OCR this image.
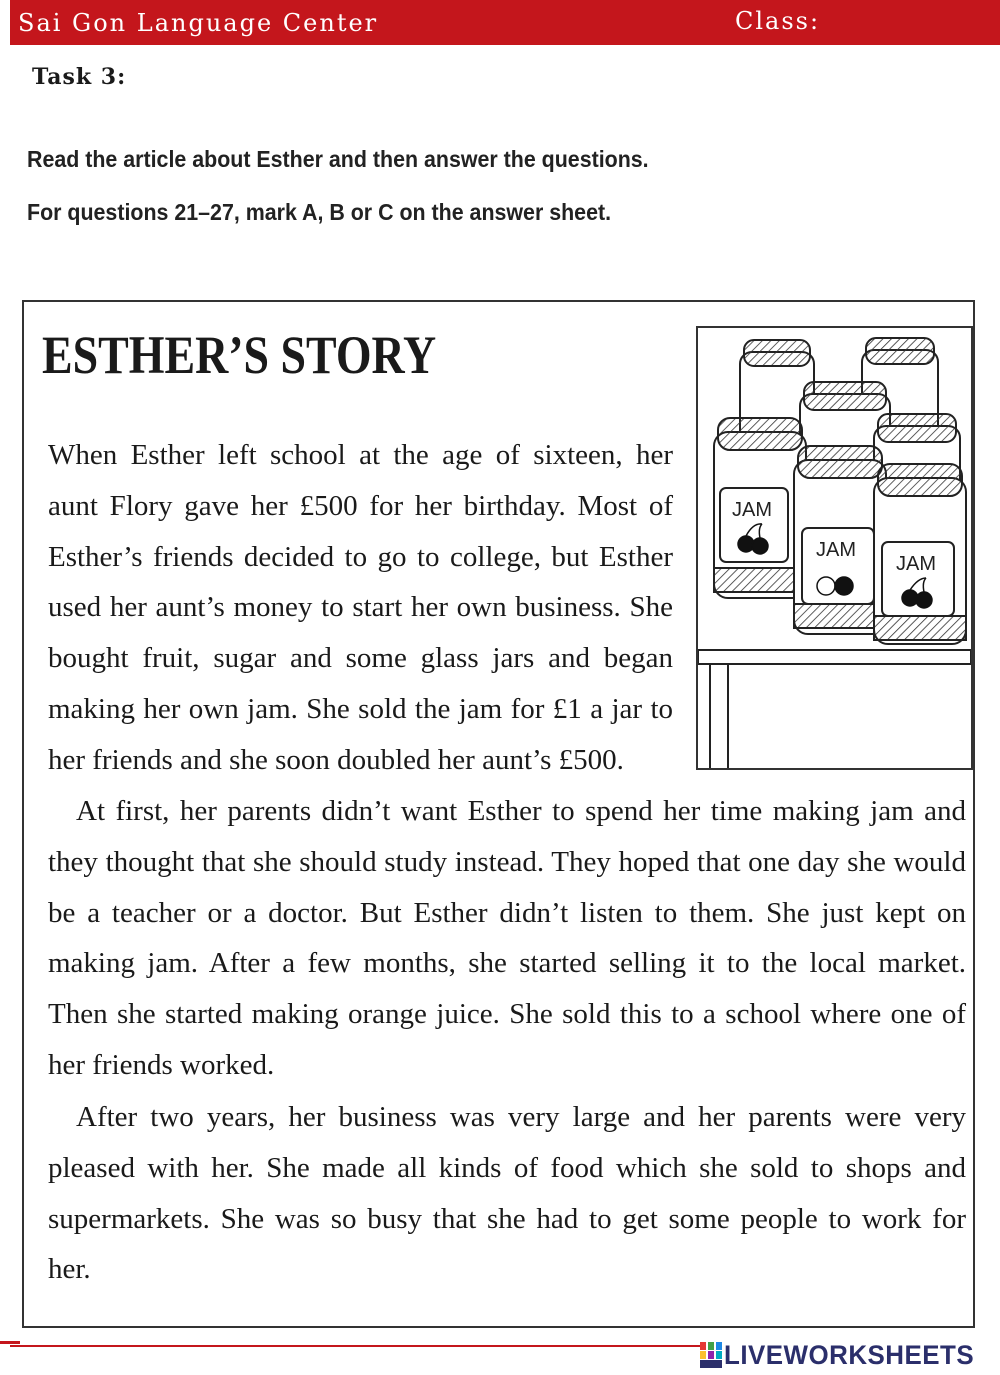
Sai Gon Language Center	Class:
Task 3:
Read the article about Esther and then answer the questions.
For questions 21–27, mark A, B or C on the answer sheet.
ESTHER’S STORY
JAM
JAM
JAM

When Esther left school at the age of sixteen, her aunt Flory gave her £500 for her birthday. Most of Esther’s friends decided to go to college, but Esther used her aunt’s money to start her own business. She bought fruit, sugar and some glass jars and began making her own jam. She sold the jam for £1 a jar to her friends and she soon doubled her aunt’s £500.

At first, her parents didn’t want Esther to spend her time making jam and they thought that she should study instead. They hoped that one day she would be a teacher or a doctor. But Esther didn’t listen to them. She just kept on making jam. After a few months, she started selling it to the local market. Then she started making orange juice. She sold this to a school where one of her friends worked.

After two years, her business was very large and her parents were very pleased with her. She made all kinds of food which she sold to shops and supermarkets. She was so busy that she had to get some people to work for her.

LIVEWORKSHEETS
